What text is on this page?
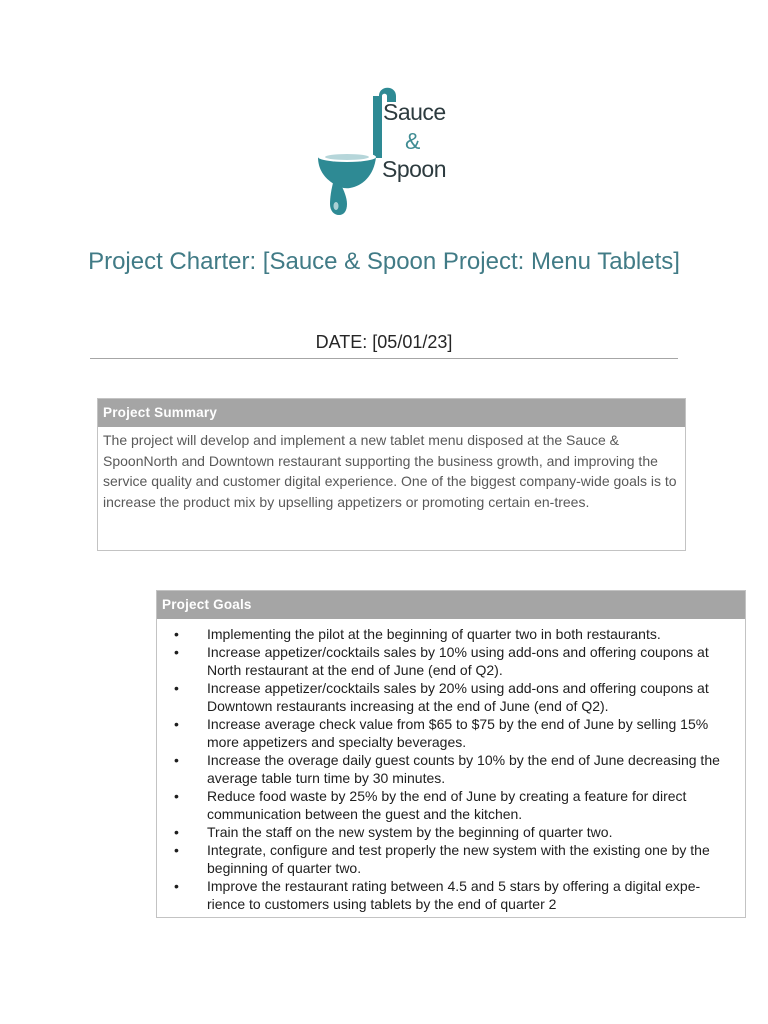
Sauce
&
Spoon
Project Charter: [Sauce & Spoon Project: Menu Tablets]
DATE: [05/01/23]
Project Summary
The project will develop and implement a new tablet menu disposed at the Sauce & SpoonNorth and Downtown restaurant supporting the business growth, and improving the service quality and customer digital experience. One of the biggest company-wide goals is to increase the product mix by upselling appetizers or promoting certain en-trees.
Project Goals
• Implementing the pilot at the beginning of quarter two in both restaurants.
• Increase appetizer/cocktails sales by 10% using add-ons and offering coupons at North restaurant at the end of June (end of Q2).
• Increase appetizer/cocktails sales by 20% using add-ons and offering coupons at Downtown restaurants increasing at the end of June (end of Q2).
• Increase average check value from $65 to $75 by the end of June by selling 15% more appetizers and specialty beverages.
• Increase the overage daily guest counts by 10% by the end of June decreasing the average table turn time by 30 minutes.
• Reduce food waste by 25% by the end of June by creating a feature for direct communication between the guest and the kitchen.
• Train the staff on the new system by the beginning of quarter two.
• Integrate, configure and test properly the new system with the existing one by the beginning of quarter two.
• Improve the restaurant rating between 4.5 and 5 stars by offering a digital expe-rience to customers using tablets by the end of quarter 2
